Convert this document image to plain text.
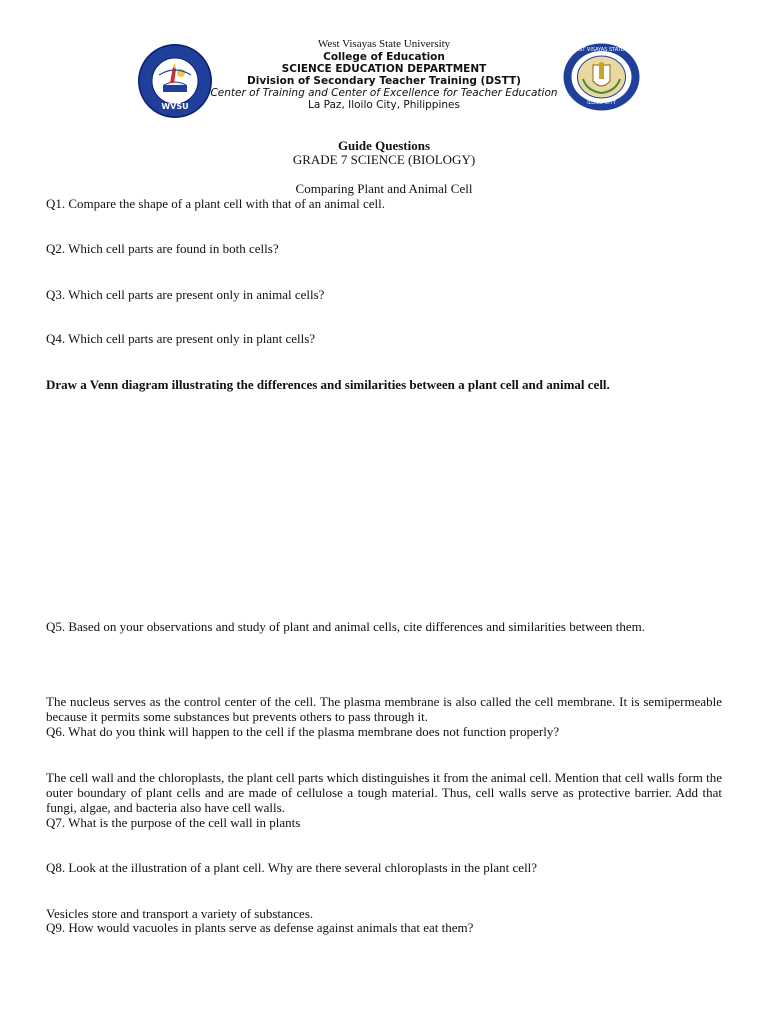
WVSU
WEST VISAYAS STATE UNIVERSITY
ILOILO CITY
West Visayas State University
College of Education
SCIENCE EDUCATION DEPARTMENT
Division of Secondary Teacher Training (DSTT)
Center of Training and Center of Excellence for Teacher Education
La Paz, Iloilo City, Philippines
Guide Questions
GRADE 7 SCIENCE (BIOLOGY)
Comparing Plant and Animal Cell
Q1. Compare the shape of a plant cell with that of an animal cell.
Q2. Which cell parts are found in both cells?
Q3. Which cell parts are present only in animal cells?
Q4. Which cell parts are present only in plant cells?
Draw a Venn diagram illustrating the differences and similarities between a plant cell and animal cell.
Q5. Based on your observations and study of plant and animal cells, cite differences and similarities between them.
The nucleus serves as the control center of the cell. The plasma membrane is also called the cell membrane. It is semipermeable because it permits some substances but prevents others to pass through it.
Q6. What do you think will happen to the cell if the plasma membrane does not function properly?
The cell wall and the chloroplasts, the plant cell parts which distinguishes it from the animal cell. Mention that cell walls form the outer boundary of plant cells and are made of cellulose a tough material. Thus, cell walls serve as protective barrier. Add that fungi, algae, and bacteria also have cell walls.
Q7. What is the purpose of the cell wall in plants
Q8. Look at the illustration of a plant cell. Why are there several chloroplasts in the plant cell?
Vesicles store and transport a variety of substances.
Q9. How would vacuoles in plants serve as defense against animals that eat them?
